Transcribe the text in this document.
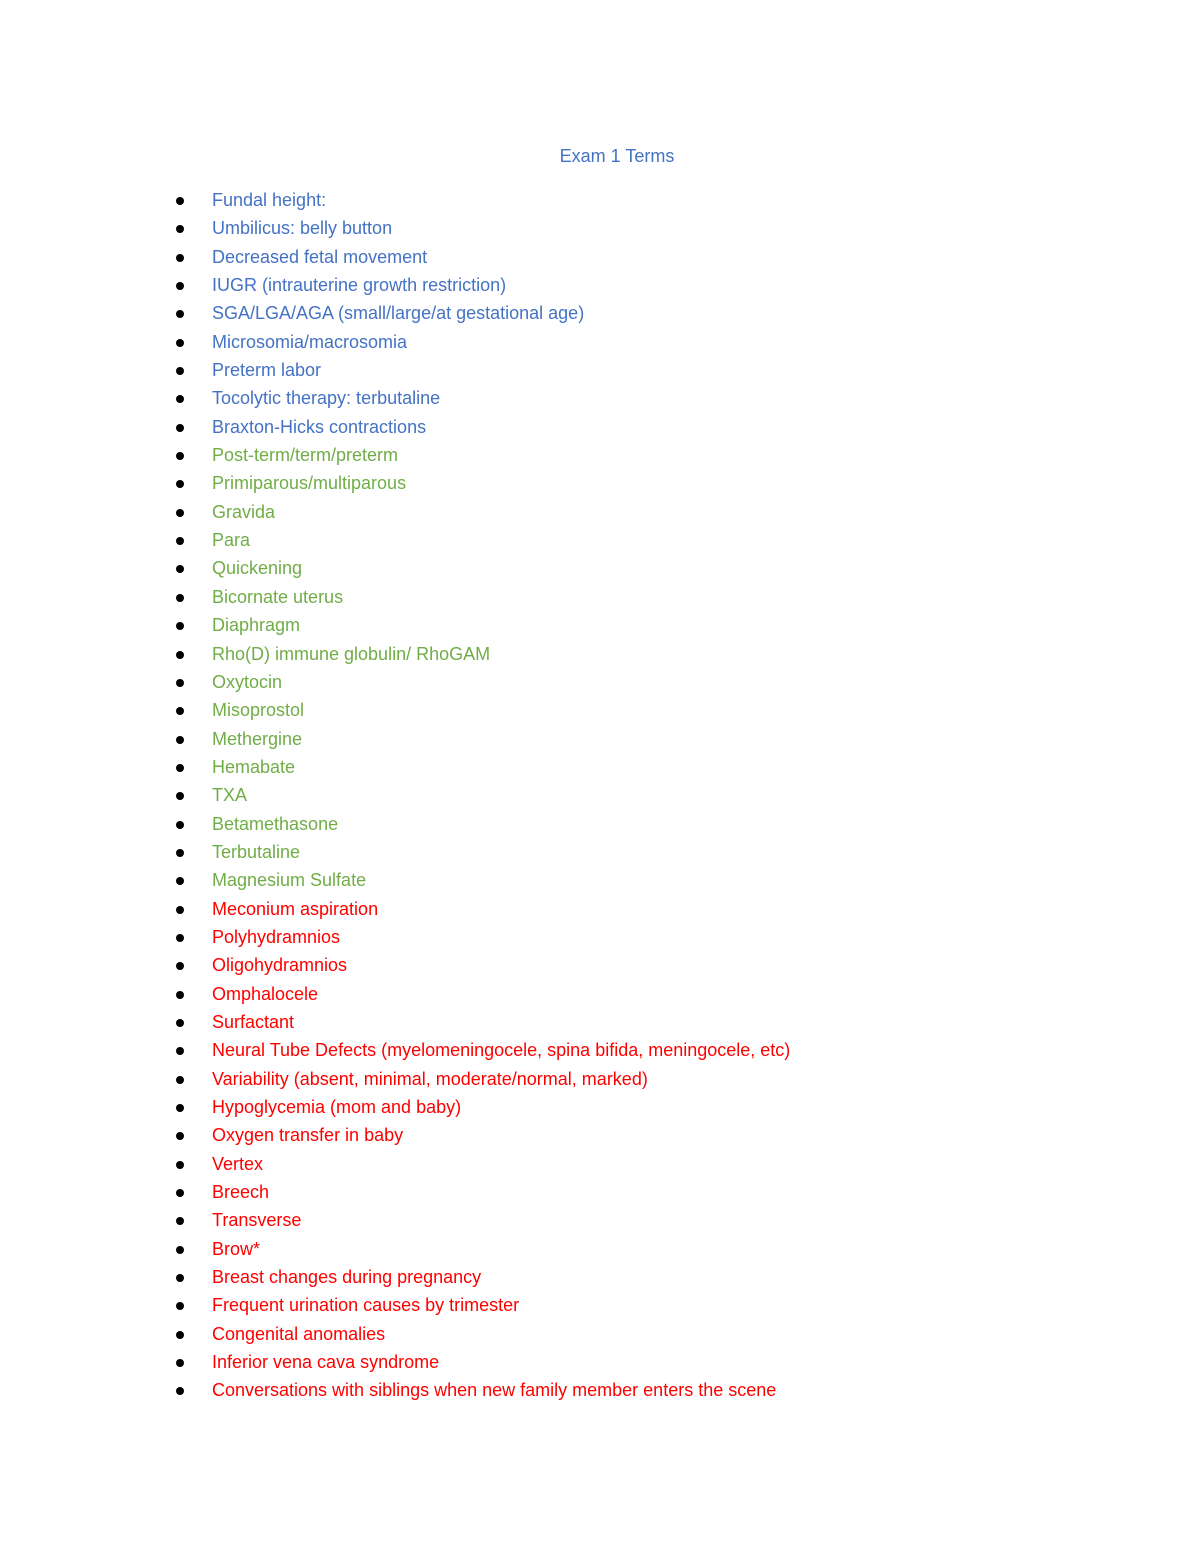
Exam 1 Terms
Fundal height:
Umbilicus: belly button
Decreased fetal movement
IUGR (intrauterine growth restriction)
SGA/LGA/AGA (small/large/at gestational age)
Microsomia/macrosomia
Preterm labor
Tocolytic therapy: terbutaline
Braxton-Hicks contractions
Post-term/term/preterm
Primiparous/multiparous
Gravida
Para
Quickening
Bicornate uterus
Diaphragm
Rho(D) immune globulin/ RhoGAM
Oxytocin
Misoprostol
Methergine
Hemabate
TXA
Betamethasone
Terbutaline
Magnesium Sulfate
Meconium aspiration
Polyhydramnios
Oligohydramnios
Omphalocele
Surfactant
Neural Tube Defects (myelomeningocele, spina bifida, meningocele, etc)
Variability (absent, minimal, moderate/normal, marked)
Hypoglycemia (mom and baby)
Oxygen transfer in baby
Vertex
Breech
Transverse
Brow*
Breast changes during pregnancy
Frequent urination causes by trimester
Congenital anomalies
Inferior vena cava syndrome
Conversations with siblings when new family member enters the scene
